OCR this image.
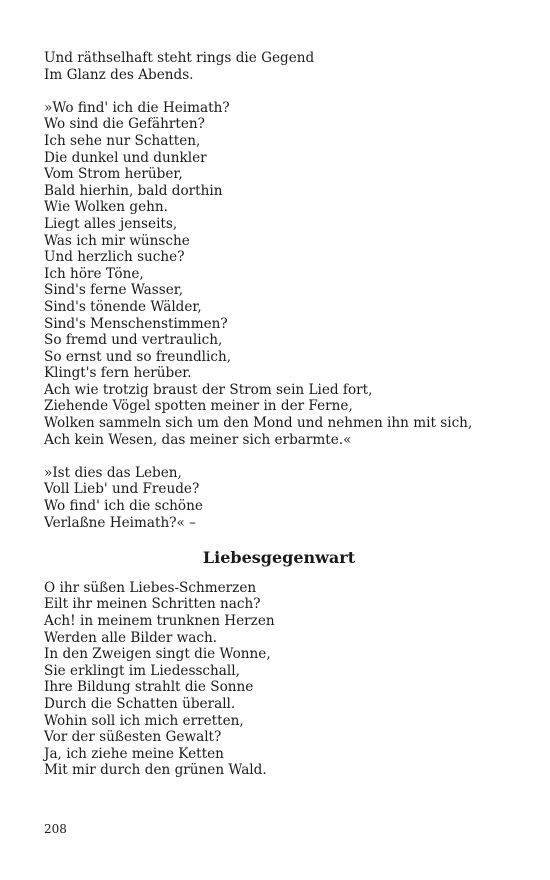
Und räthselhaft steht rings die Gegend
Im Glanz des Abends.
»Wo find' ich die Heimath?
Wo sind die Gefährten?
Ich sehe nur Schatten,
Die dunkel und dunkler
Vom Strom herüber,
Bald hierhin, bald dorthin
Wie Wolken gehn.
Liegt alles jenseits,
Was ich mir wünsche
Und herzlich suche?
Ich höre Töne,
Sind's ferne Wasser,
Sind's tönende Wälder,
Sind's Menschenstimmen?
So fremd und vertraulich,
So ernst und so freundlich,
Klingt's fern herüber.
Ach wie trotzig braust der Strom sein Lied fort,
Ziehende Vögel spotten meiner in der Ferne,
Wolken sammeln sich um den Mond und nehmen ihn mit sich,
Ach kein Wesen, das meiner sich erbarmte.«
»Ist dies das Leben,
Voll Lieb' und Freude?
Wo find' ich die schöne
Verlaßne Heimath?« –
Liebesgegenwart
O ihr süßen Liebes-Schmerzen
Eilt ihr meinen Schritten nach?
Ach! in meinem trunknen Herzen
Werden alle Bilder wach.
In den Zweigen singt die Wonne,
Sie erklingt im Liedesschall,
Ihre Bildung strahlt die Sonne
Durch die Schatten überall.
Wohin soll ich mich erretten,
Vor der süßesten Gewalt?
Ja, ich ziehe meine Ketten
Mit mir durch den grünen Wald.
208
